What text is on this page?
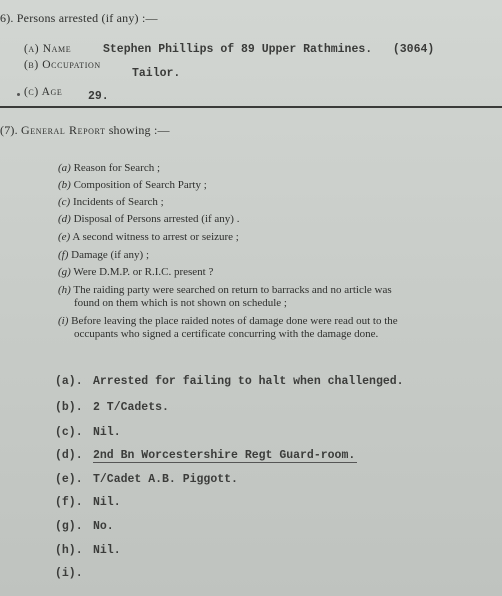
6). Persons arrested (if any) :—
(a) Name	Stephen Phillips of 89 Upper Rathmines. (3064)
(b) Occupation
Tailor.
(c) Age 29.
(7). General Report showing :—
(a) Reason for Search ;
(b) Composition of Search Party ;
(c) Incidents of Search ;
(d) Disposal of Persons arrested (if any) .
(e) A second witness to arrest or seizure ;
(f) Damage (if any) ;
(g) Were D.M.P. or R.I.C. present ?
(h) The raiding party were searched on return to barracks and no article was
found on them which is not shown on schedule ;
(i) Before leaving the place raided notes of damage done were read out to the
occupants who signed a certificate concurring with the damage done.
(a). Arrested for failing to halt when challenged.
(b). 2 T/Cadets.
(c). Nil.
(d). 2nd Bn Worcestershire Regt Guard-room.
(e). T/Cadet A.B. Piggott.
(f). Nil.
(g). No.
(h). Nil.
(i).
